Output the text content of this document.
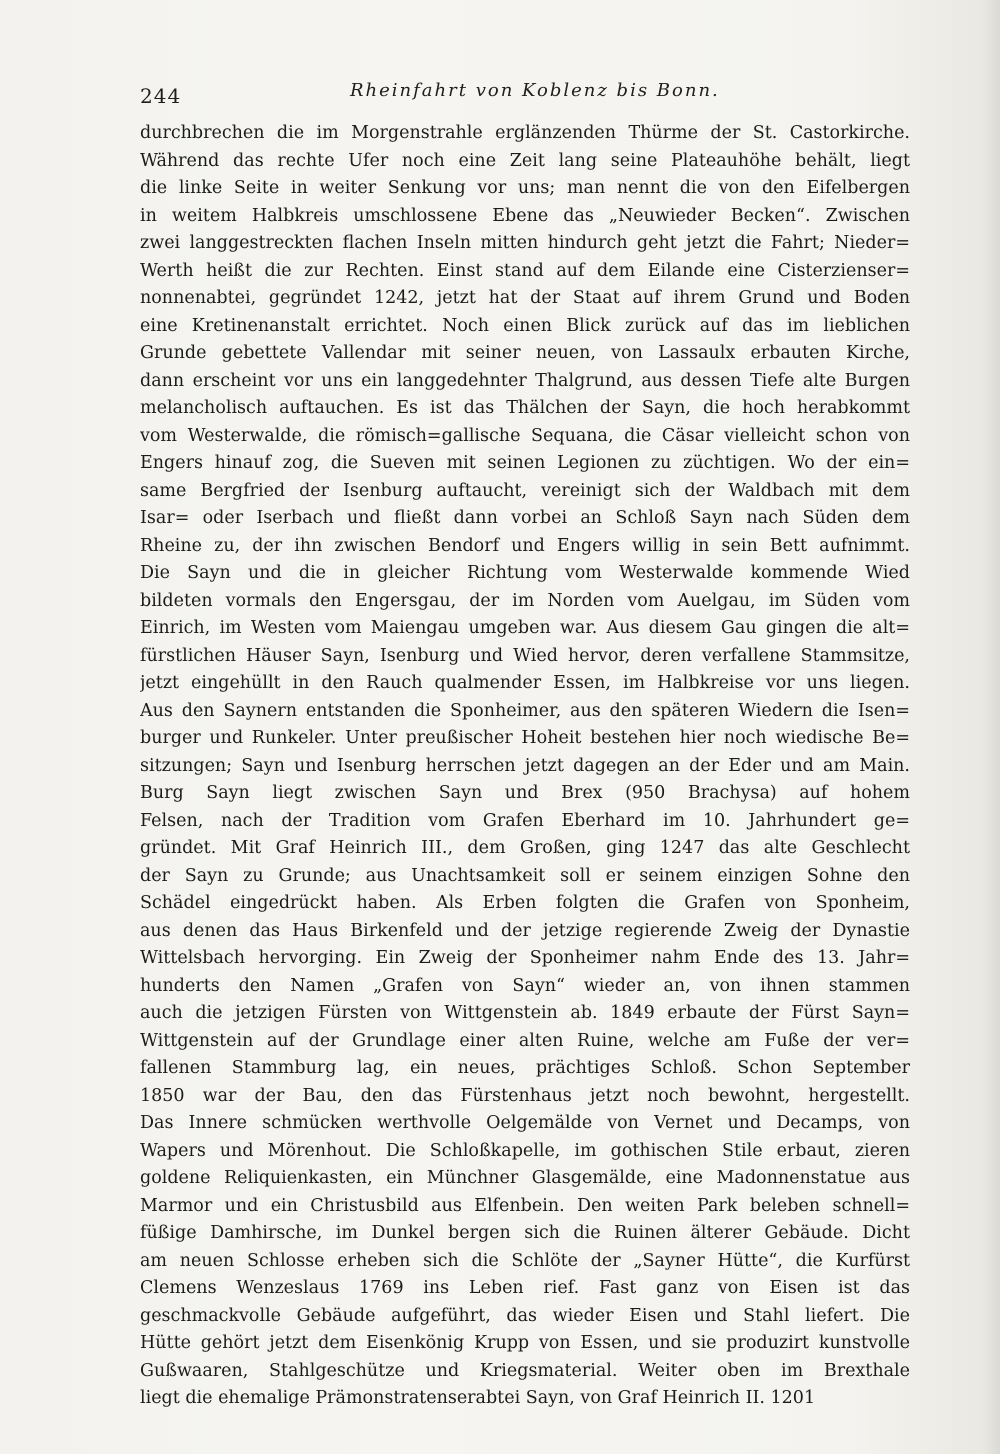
244	Rheinfahrt von Koblenz bis Bonn.
durchbrechen die im Morgenstrahle erglänzenden Thürme der St. Castorkirche.
Während das rechte Ufer noch eine Zeit lang seine Plateauhöhe behält, liegt
die linke Seite in weiter Senkung vor uns; man nennt die von den Eifelbergen
in weitem Halbkreis umschlossene Ebene das „Neuwieder Becken“. Zwischen
zwei langgestreckten flachen Inseln mitten hindurch geht jetzt die Fahrt; Nieder=
Werth heißt die zur Rechten. Einst stand auf dem Eilande eine Cisterzienser=
nonnenabtei, gegründet 1242, jetzt hat der Staat auf ihrem Grund und Boden
eine Kretinenanstalt errichtet. Noch einen Blick zurück auf das im lieblichen
Grunde gebettete Vallendar mit seiner neuen, von Lassaulx erbauten Kirche,
dann erscheint vor uns ein langgedehnter Thalgrund, aus dessen Tiefe alte Burgen
melancholisch auftauchen. Es ist das Thälchen der Sayn, die hoch herabkommt
vom Westerwalde, die römisch=gallische Sequana, die Cäsar vielleicht schon von
Engers hinauf zog, die Sueven mit seinen Legionen zu züchtigen. Wo der ein=
same Bergfried der Isenburg auftaucht, vereinigt sich der Waldbach mit dem
Isar= oder Iserbach und fließt dann vorbei an Schloß Sayn nach Süden dem
Rheine zu, der ihn zwischen Bendorf und Engers willig in sein Bett aufnimmt.
Die Sayn und die in gleicher Richtung vom Westerwalde kommende Wied
bildeten vormals den Engersgau, der im Norden vom Auelgau, im Süden vom
Einrich, im Westen vom Maiengau umgeben war. Aus diesem Gau gingen die alt=
fürstlichen Häuser Sayn, Isenburg und Wied hervor, deren verfallene Stammsitze,
jetzt eingehüllt in den Rauch qualmender Essen, im Halbkreise vor uns liegen.
Aus den Saynern entstanden die Sponheimer, aus den späteren Wiedern die Isen=
burger und Runkeler. Unter preußischer Hoheit bestehen hier noch wiedische Be=
sitzungen; Sayn und Isenburg herrschen jetzt dagegen an der Eder und am Main.
Burg Sayn liegt zwischen Sayn und Brex (950 Brachysa) auf hohem
Felsen, nach der Tradition vom Grafen Eberhard im 10. Jahrhundert ge=
gründet. Mit Graf Heinrich III., dem Großen, ging 1247 das alte Geschlecht
der Sayn zu Grunde; aus Unachtsamkeit soll er seinem einzigen Sohne den
Schädel eingedrückt haben. Als Erben folgten die Grafen von Sponheim,
aus denen das Haus Birkenfeld und der jetzige regierende Zweig der Dynastie
Wittelsbach hervorging. Ein Zweig der Sponheimer nahm Ende des 13. Jahr=
hunderts den Namen „Grafen von Sayn“ wieder an, von ihnen stammen
auch die jetzigen Fürsten von Wittgenstein ab. 1849 erbaute der Fürst Sayn=
Wittgenstein auf der Grundlage einer alten Ruine, welche am Fuße der ver=
fallenen Stammburg lag, ein neues, prächtiges Schloß. Schon September
1850 war der Bau, den das Fürstenhaus jetzt noch bewohnt, hergestellt.
Das Innere schmücken werthvolle Oelgemälde von Vernet und Decamps, von
Wapers und Mörenhout. Die Schloßkapelle, im gothischen Stile erbaut, zieren
goldene Reliquienkasten, ein Münchner Glasgemälde, eine Madonnenstatue aus
Marmor und ein Christusbild aus Elfenbein. Den weiten Park beleben schnell=
füßige Damhirsche, im Dunkel bergen sich die Ruinen älterer Gebäude. Dicht
am neuen Schlosse erheben sich die Schlöte der „Sayner Hütte“, die Kurfürst
Clemens Wenzeslaus 1769 ins Leben rief. Fast ganz von Eisen ist das
geschmackvolle Gebäude aufgeführt, das wieder Eisen und Stahl liefert. Die
Hütte gehört jetzt dem Eisenkönig Krupp von Essen, und sie produzirt kunstvolle
Gußwaaren, Stahlgeschütze und Kriegsmaterial. Weiter oben im Brexthale
liegt die ehemalige Prämonstratenserabtei Sayn, von Graf Heinrich II. 1201
